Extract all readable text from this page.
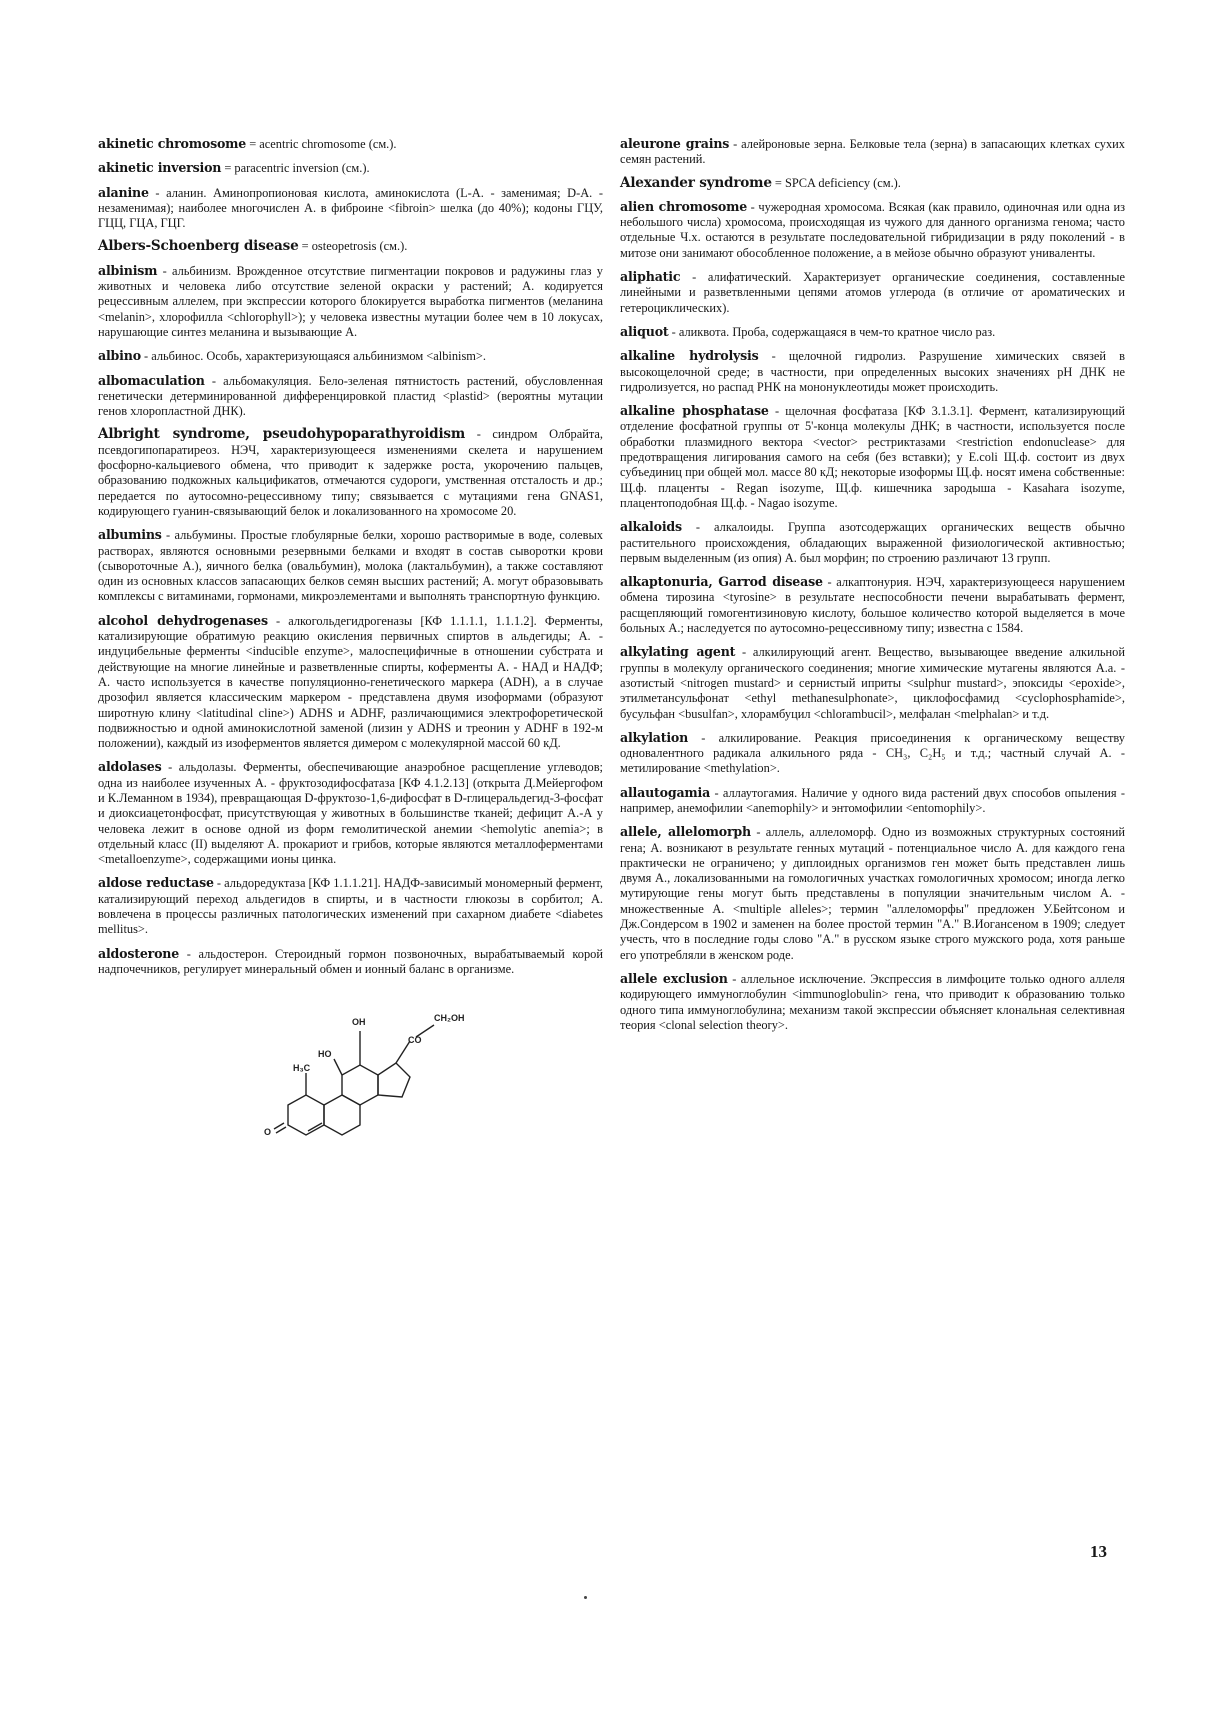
akinetic chromosome = acentric chromosome (см.).

akinetic inversion = paracentric inversion (см.).

alanine - аланин. Аминопропионовая кислота, аминокислота (L-A. - заменимая; D-A. - незаменимая); наиболее многочислен А. в фиброине <fibroin> шелка (до 40%); кодоны ГЦУ, ГЦЦ, ГЦА, ГЦГ.

Albers-Schoenberg disease = osteopetrosis (см.).

albinism - альбинизм. Врожденное отсутствие пигментации покровов и радужины глаз у животных и человека либо отсутствие зеленой окраски у растений; А. кодируется рецессивным аллелем, при экспрессии которого блокируется выработка пигментов (меланина <melanin>, хлорофилла <chlorophyll>); у человека известны мутации более чем в 10 локусах, нарушающие синтез меланина и вызывающие А.

albino - альбинос. Особь, характеризующаяся альбинизмом <albinism>.

albomaculation - альбомакуляция. Бело-зеленая пятнистость растений, обусловленная генетически детерминированной дифференцировкой пластид <plastid> (вероятны мутации генов хлоропластной ДНК).

Albright syndrome, pseudohypoparathyroidism - синдром Олбрайта, псевдогипопаратиреоз. НЭЧ, характеризующееся изменениями скелета и нарушением фосфорно-кальциевого обмена, что приводит к задержке роста, укорочению пальцев, образованию подкожных кальцификатов, отмечаются судороги, умственная отсталость и др.; передается по аутосомно-рецессивному типу; связывается с мутациями гена GNAS1, кодирующего гуанин-связывающий белок и локализованного на хромосоме 20.

albumins - альбумины. Простые глобулярные белки, хорошо растворимые в воде, солевых растворах, являются основными резервными белками и входят в состав сыворотки крови (сывороточные А.), яичного белка (овальбумин), молока (лактальбумин), а также составляют один из основных классов запасающих белков семян высших растений; А. могут образовывать комплексы с витаминами, гормонами, микроэлементами и выполнять транспортную функцию.

alcohol dehydrogenases - алкогольдегидрогеназы [КФ 1.1.1.1, 1.1.1.2]. Ферменты, катализирующие обратимую реакцию окисления первичных спиртов в альдегиды; А. - индуцибельные ферменты <inducible enzyme>, малоспецифичные в отношении субстрата и действующие на многие линейные и разветвленные спирты, коферменты А. - НАД и НАДФ; А. часто используется в качестве популяционно-генетического маркера (ADH), а в случае дрозофил является классическим маркером - представлена двумя изоформами (образуют широтную клину <latitudinal cline>) ADHS и ADHF, различающимися электрофоретической подвижностью и одной аминокислотной заменой (лизин у ADHS и треонин у ADHF в 192-м положении), каждый из изоферментов является димером с молекулярной массой 60 кД.

aldolases - альдолазы. Ферменты, обеспечивающие анаэробное расщепление углеводов; одна из наиболее изученных А. - фруктозодифосфатаза [КФ 4.1.2.13] (открыта Д.Мейергофом и К.Леманном в 1934), превращающая D-фруктозо-1,6-дифосфат в D-глицеральдегид-3-фосфат и диоксиацетонфосфат, присутствующая у животных в большинстве тканей; дефицит А.-А у человека лежит в основе одной из форм гемолитической анемии <hemolytic anemia>; в отдельный класс (II) выделяют А. прокариот и грибов, которые являются металлоферментами <metalloenzyme>, содержащими ионы цинка.

aldose reductase - альдоредуктаза [КФ 1.1.1.21]. НАДФ-зависимый мономерный фермент, катализирующий переход альдегидов в спирты, и в частности глюкозы в сорбитол; А. вовлечена в процессы различных патологических изменений при сахарном диабете <diabetes mellitus>.

aldosterone - альдостерон. Стероидный гормон позвоночных, вырабатываемый корой надпочечников, регулирует минеральный обмен и ионный баланс в организме.

OH	CH₂OH
HO
H₃C
CO
O

aleurone grains - алейроновые зерна. Белковые тела (зерна) в запасающих клетках сухих семян растений.

Alexander syndrome = SPCA deficiency (см.).

alien chromosome - чужеродная хромосома. Всякая (как правило, одиночная или одна из небольшого числа) хромосома, происходящая из чужого для данного организма генома; часто отдельные Ч.х. остаются в результате последовательной гибридизации в ряду поколений - в митозе они занимают обособленное положение, а в мейозе обычно образуют униваленты.

aliphatic - алифатический. Характеризует органические соединения, составленные линейными и разветвленными цепями атомов углерода (в отличие от ароматических и гетероциклических).

aliquot - аликвота. Проба, содержащаяся в чем-то кратное число раз.

alkaline hydrolysis - щелочной гидролиз. Разрушение химических связей в высокощелочной среде; в частности, при определенных высоких значениях pH ДНК не гидролизуется, но распад РНК на мононуклеотиды может происходить.

alkaline phosphatase - щелочная фосфатаза [КФ 3.1.3.1]. Фермент, катализирующий отделение фосфатной группы от 5'-конца молекулы ДНК; в частности, используется после обработки плазмидного вектора <vector> рестриктазами <restriction endonuclease> для предотвращения лигирования самого на себя (без вставки); у E.coli Щ.ф. состоит из двух субъединиц при общей мол. массе 80 кД; некоторые изоформы Щ.ф. носят имена собственные: Щ.ф. плаценты - Regan isozyme, Щ.ф. кишечника зародыша - Kasahara isozyme, плацентоподобная Щ.ф. - Nagao isozyme.

alkaloids - алкалоиды. Группа азотсодержащих органических веществ обычно растительного происхождения, обладающих выраженной физиологической активностью; первым выделенным (из опия) А. был морфин; по строению различают 13 групп.

alkaptonuria, Garrod disease - алкаптонурия. НЭЧ, характеризующееся нарушением обмена тирозина <tyrosine> в результате неспособности печени вырабатывать фермент, расщепляющий гомогентизиновую кислоту, большое количество которой выделяется в моче больных А.; наследуется по аутосомно-рецессивному типу; известна с 1584.

alkylating agent - алкилирующий агент. Вещество, вызывающее введение алкильной группы в молекулу органического соединения; многие химические мутагены являются А.а. - азотистый <nitrogen mustard> и сернистый иприты <sulphur mustard>, эпоксиды <epoxide>, этилметансульфонат <ethyl methanesulphonate>, циклофосфамид <cyclophosphamide>, бусульфан <busulfan>, хлорамбуцил <chlorambucil>, мелфалан <melphalan> и т.д.

alkylation - алкилирование. Реакция присоединения к органическому веществу одновалентного радикала алкильного ряда - CH₃, C₂H₅ и т.д.; частный случай А. - метилирование <methylation>.

allautogamia - аллаутогамия. Наличие у одного вида растений двух способов опыления - например, анемофилии <anemophily> и энтомофилии <entomophily>.

allele, allelomorph - аллель, аллеломорф. Одно из возможных структурных состояний гена; А. возникают в результате генных мутаций - потенциальное число А. для каждого гена практически не ограничено; у диплоидных организмов ген может быть представлен лишь двумя А., локализованными на гомологичных участках гомологичных хромосом; иногда легко мутирующие гены могут быть представлены в популяции значительным числом А. - множественные А. <multiple alleles>; термин "аллеломорфы" предложен У.Бейтсоном и Дж.Сондерсом в 1902 и заменен на более простой термин "А." В.Иогансеном в 1909; следует учесть, что в последние годы слово "А." в русском языке строго мужского рода, хотя раньше его употребляли в женском роде.

allele exclusion - аллельное исключение. Экспрессия в лимфоците только одного аллеля кодирующего иммуноглобулин <immunoglobulin> гена, что приводит к образованию только одного типа иммуноглобулина; механизм такой экспрессии объясняет клональная селективная теория <clonal selection theory>.

13
